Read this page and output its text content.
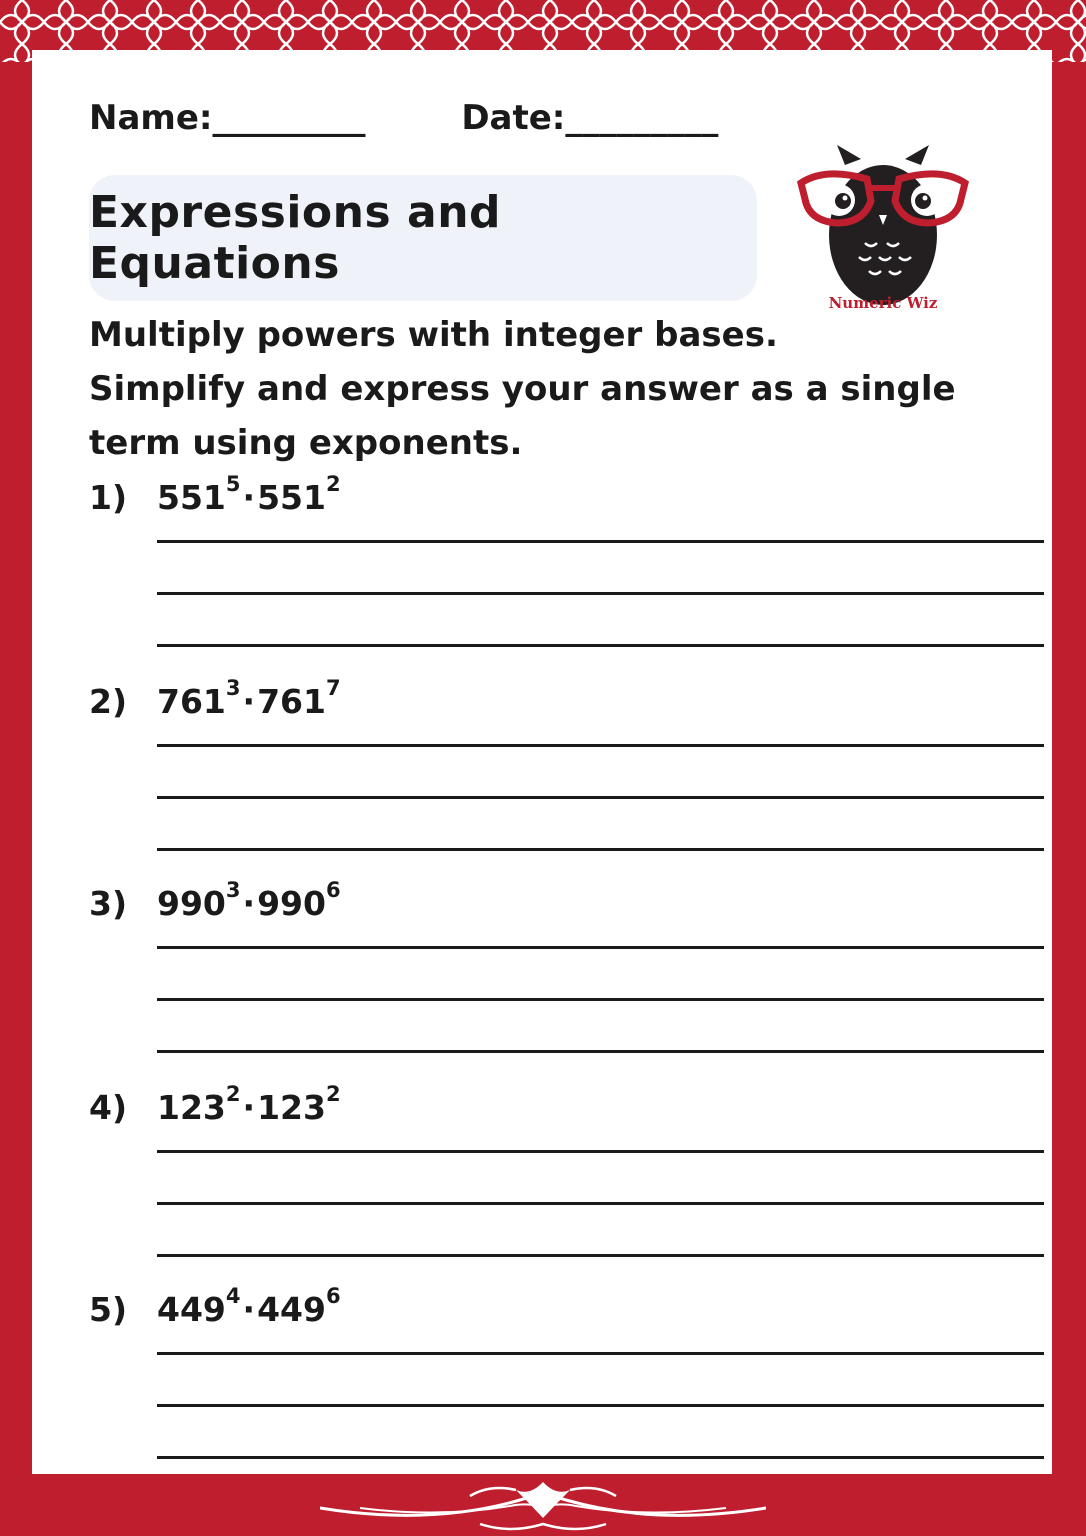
Name:_________	Date:_________
Expressions and Equations
Numeric Wiz

Multiply powers with integer bases.

Simplify and express your answer as a single term using exponents.

1) $551^5\cdot 551^2$
2) $761^3\cdot 761^7$
3) $990^3\cdot 990^6$
4) $123^2\cdot 123^2$
5) $449^4\cdot 449^6$
